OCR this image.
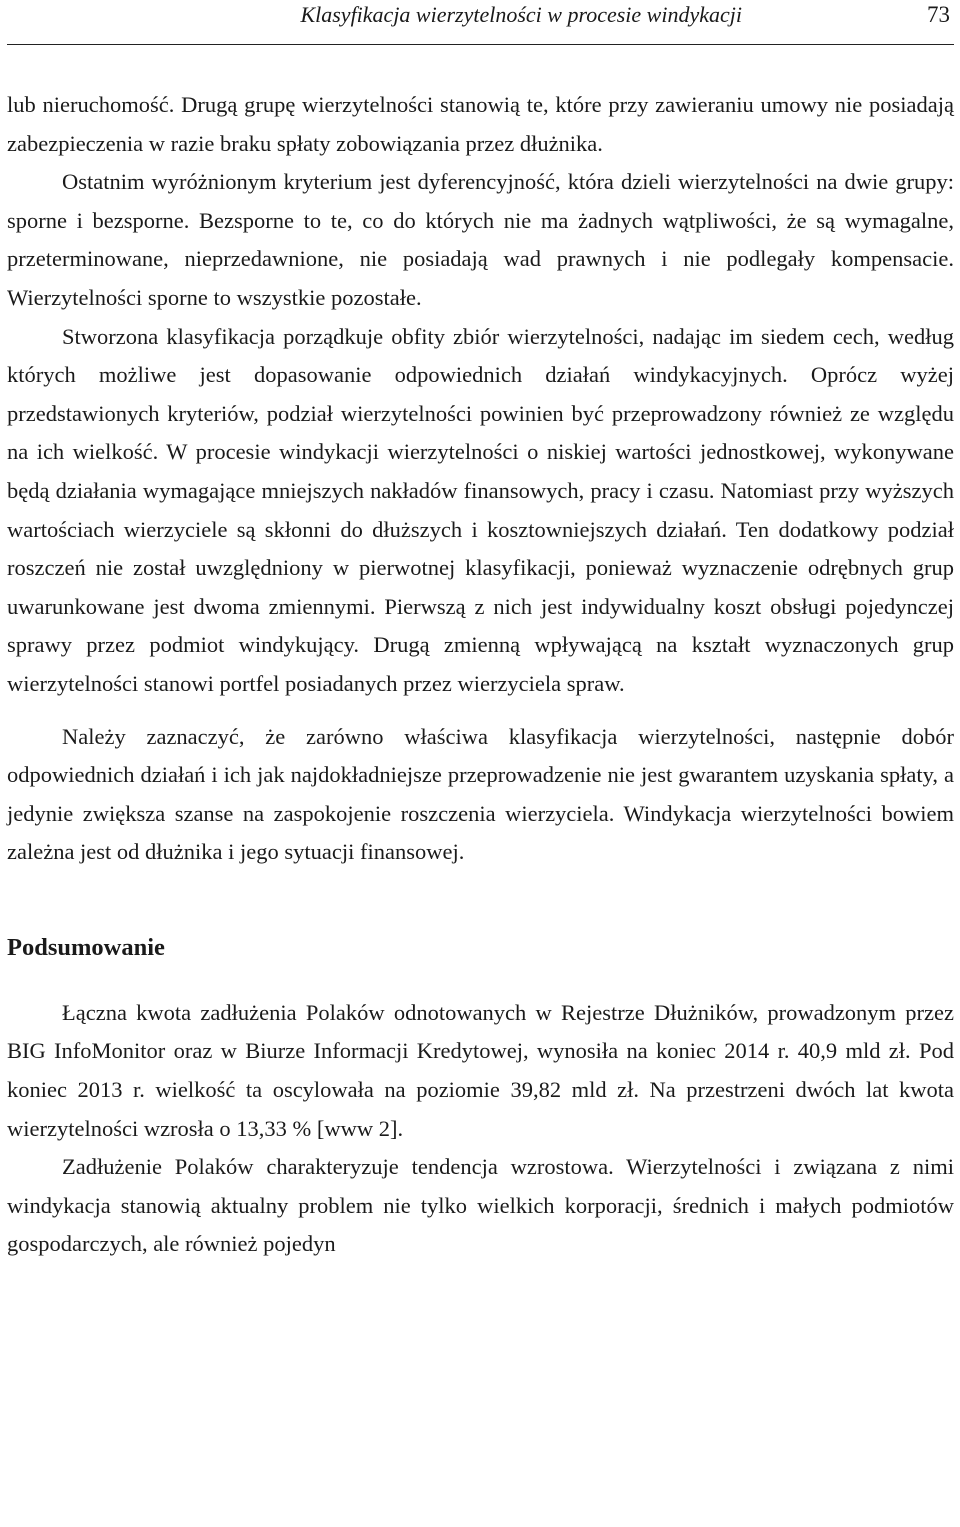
Klasyfikacja wierzytelności w procesie windykacji	73

lub nieruchomość. Drugą grupę wierzytelności stanowią te, które przy zawieraniu umowy nie posiadają zabezpieczenia w razie braku spłaty zobowiązania przez dłużnika.

Ostatnim wyróżnionym kryterium jest dyferencyjność, która dzieli wierzytelności na dwie grupy: sporne i bezsporne. Bezsporne to te, co do których nie ma żadnych wątpliwości, że są wymagalne, przeterminowane, nieprzedawnione, nie posiadają wad prawnych i nie podlegały kompensacie. Wierzytelności sporne to wszystkie pozostałe.

Stworzona klasyfikacja porządkuje obfity zbiór wierzytelności, nadając im siedem cech, według których możliwe jest dopasowanie odpowiednich działań windykacyjnych. Oprócz wyżej przedstawionych kryteriów, podział wierzytelności powinien być przeprowadzony również ze względu na ich wielkość. W procesie windykacji wierzytelności o niskiej wartości jednostkowej, wykonywane będą działania wymagające mniejszych nakładów finansowych, pracy i czasu. Natomiast przy wyższych wartościach wierzyciele są skłonni do dłuższych i kosztowniejszych działań. Ten dodatkowy podział roszczeń nie został uwzględniony w pierwotnej klasyfikacji, ponieważ wyznaczenie odrębnych grup uwarunkowane jest dwoma zmiennymi. Pierwszą z nich jest indywidualny koszt obsługi pojedynczej sprawy przez podmiot windykujący. Drugą zmienną wpływającą na kształt wyznaczonych grup wierzytelności stanowi portfel posiadanych przez wierzyciela spraw.

Należy zaznaczyć, że zarówno właściwa klasyfikacja wierzytelności, następnie dobór odpowiednich działań i ich jak najdokładniejsze przeprowadzenie nie jest gwarantem uzyskania spłaty, a jedynie zwiększa szanse na zaspokojenie roszczenia wierzyciela. Windykacja wierzytelności bowiem zależna jest od dłużnika i jego sytuacji finansowej.

Podsumowanie

Łączna kwota zadłużenia Polaków odnotowanych w Rejestrze Dłużników, prowadzonym przez BIG InfoMonitor oraz w Biurze Informacji Kredytowej, wynosiła na koniec 2014 r. 40,9 mld zł. Pod koniec 2013 r. wielkość ta oscylowała na poziomie 39,82 mld zł. Na przestrzeni dwóch lat kwota wierzytelności wzrosła o 13,33 % [www 2].

Zadłużenie Polaków charakteryzuje tendencja wzrostowa. Wierzytelności i związana z nimi windykacja stanowią aktualny problem nie tylko wielkich korporacji, średnich i małych podmiotów gospodarczych, ale również pojedyn
